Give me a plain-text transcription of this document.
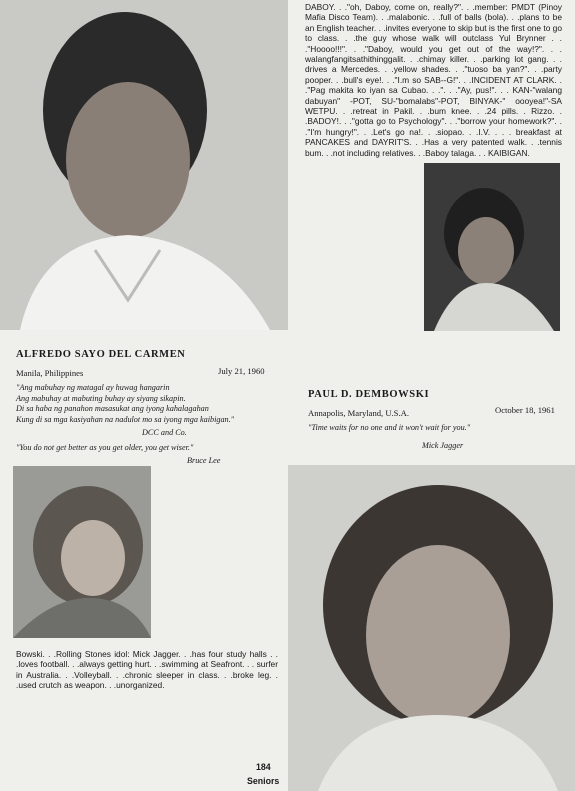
DABOY. . ."oh, Daboy, come on, really?". . .member: PMDT (Pinoy Mafia Disco Team). . .malabonic. . .full of balls (bola). . .plans to be an English teacher. . .invites everyone to skip but is the first one to go to class. . .the guy whose walk will outclass Yul Brynner . . ."Hoooo!!!". . ."Daboy, would you get out of the way!?". . . walangfangitsathithinggalit. . .chimay killer. . .parking lot gang. . . drives a Mercedes. . .yellow shades. . ."tuoso ba yan?". . .party pooper. . .bull's eye!. . ."I.m so SAB--G!". . .INCIDENT AT CLARK. . ."Pag makita ko iyan sa Cubao. . .". . ."Ay, pus!". . . KAN-"walang dabuyan" -POT, SU-"bomalabs"-POT, BINYAK-" oooyea!"-SA WETPU. . .retreat in Pakil. . .bum knee. . .24 pills. . Rizzo. . .BADOY!. . ."gotta go to Psychology". . ."borrow your homework?". . ."I'm hungry!". . .Let's go na!. . .siopao. . .I.V. . . . breakfast at PANCAKES and DAYRIT'S. . .Has a very patented walk. . .tennis bum. . .not including relatives. . .Baboy talaga. . . KAIBIGAN.
ALFREDO SAYO DEL CARMEN
Manila, Philippines	July 21, 1960
"Ang mabuhay ng matagal ay huwag hangarin
Ang mabuhay at mabuting buhay ay siyang sikapin.
Di sa haba ng panahon masasukat ang iyong kahalagahan
Kung di sa mga kasiyahan na nadulot mo sa iyong mga kaibigan."
DCC and Co.
"You do not get better as you get older, you get wiser."
Bruce Lee
PAUL D. DEMBOWSKI
Annapolis, Maryland, U.S.A.	October 18, 1961
"Time waits for no one and it won't wait for you."
Mick Jagger
Bowski. . .Rolling Stones idol: Mick Jagger. . .has four study halls . . .loves football. . .always getting hurt. . .swimming at Seafront. . . surfer in Australia. . .Volleyball. . .chronic sleeper in class. . .broke leg. . .used crutch as weapon. . .unorganized.
184
Seniors
